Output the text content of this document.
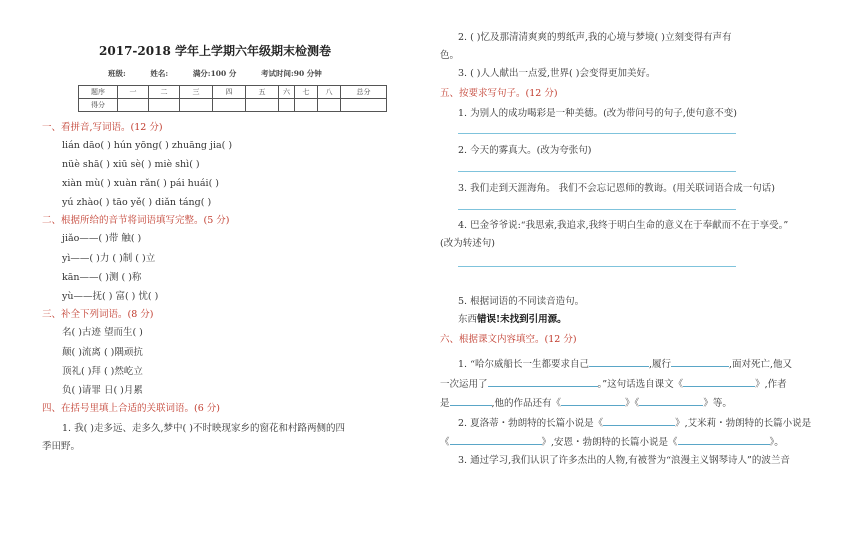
2017-2018 学年上学期六年级期末检测卷
班级:	姓名:	满分:100 分	考试时间:90 分钟
题序	一	二	三	四	五	六	七	八	总分
得分									
一、看拼音,写词语。(12 分)
lián dāo( ) hún yōng( ) zhuāng jia( )
nüè shā( ) xiū sè( ) miè shì( )
xiàn mù( ) xuàn rǎn( ) pái huái( )
yú zhào( ) tāo yě( ) diǎn táng( )
二、根据所给的音节将词语填写完整。(5 分)
jiǎo——( )带 触( )
yì——( )力 ( )制 ( )立
kān——( )测 ( )称
yù——抚( ) 富( ) 忧( )
三、补全下列词语。(8 分)
名( )古迹 望而生( )
颠( )流离 ( )隅顽抗
顶礼( )拜 ( )然屹立
负( )请罪 日( )月累
四、在括号里填上合适的关联词语。(6 分)
1. 我( )走多远、走多久,梦中( )不时映现家乡的窗花和村路两侧的四
季田野。
2. ( )忆及那清清爽爽的剪纸声,我的心境与梦境( )立刻变得有声有
色。
3. ( )人人献出一点爱,世界( )会变得更加美好。
五、按要求写句子。(12 分)
1. 为别人的成功喝彩是一种美德。(改为带问号的句子,使句意不变)
2. 今天的雾真大。(改为夸张句)
3. 我们走到天涯海角。 我们不会忘记恩师的教诲。(用关联词语合成一句话)
4. 巴金爷爷说:“我思索,我追求,我终于明白生命的意义在于奉献而不在于享受。”
(改为转述句)
5. 根据词语的不同读音造句。
东西错误!未找到引用源。
六、根据课文内容填空。(12 分)
1. “哈尔威船长一生都要求自己	,履行	,面对死亡,他又
一次运用了	。”这句话选自课文《	》,作者
是	,他的作品还有《	》《	》等。
2. 夏洛蒂・勃朗特的长篇小说是《	》,艾米莉・勃朗特的长篇小说是
《	》,安恩・勃朗特的长篇小说是《	》。
3. 通过学习,我们认识了许多杰出的人物,有被誉为“浪漫主义钢琴诗人”的波兰音
